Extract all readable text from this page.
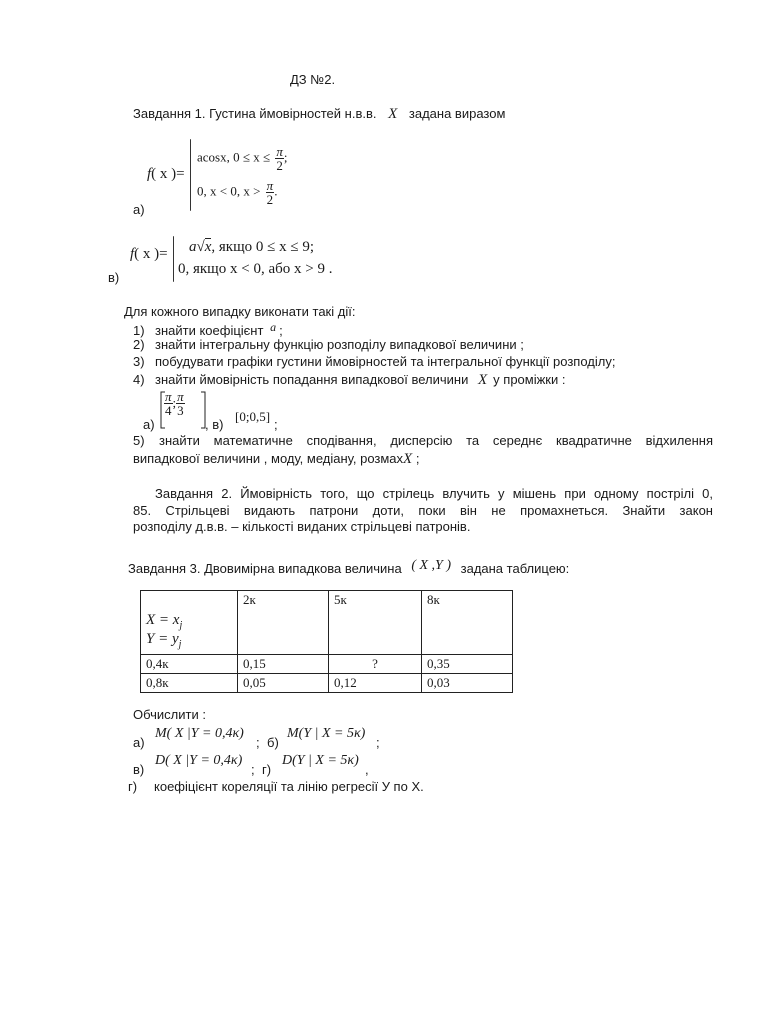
ДЗ №2.
Завдання 1. Густина ймовірностей н.в.в. X задана виразом
f( x )=
acosx, $0 \le x \le \frac{\pi}{2}$ ;
0, x < 0, $x > \frac{\pi}{2}$ .
а)
f( x )= a√x, якщо 0 ≤ x ≤ 9;
0, якщо x < 0, або x > 9 .
в)
Для кожного випадку виконати такі дії:
1) знайти коефіцієнт a ;
2) знайти інтегральну функцію розподілу випадкової величини ;
3) побудувати графіки густини ймовірностей та інтегральної функції розподілу;
4) знайти ймовірність попадання випадкової величини X у проміжки :
а)
$\frac{\pi}{4}$ ; $\frac{\pi}{3}$
, в)
[0;0,5]
;
5) знайти математичне сподівання, дисперсію та середнє квадратичне відхилення
випадкової величини , моду, медіану, розмахX ;
Завдання 2. Ймовірність того, що стрілець влучить у мішень при одному пострілі 0,
85. Стрільцеві видають патрони доти, поки він не промахнеться. Знайти закон
розподілу д.в.в. – кількості виданих стрільцеві патронів.
Завдання 3. Двовимірна випадкова величина ( X ,Y ) задана таблицею:
$X = x_j$
$Y = y_j$	2к	5к	8к
0,4к	0,15	?	0,35
0,8к	0,05	0,12	0,03
Обчислити :
а)
M( X |Y = 0,4κ)
; б)
M(Y | X = 5κ)
;
в)
D( X |Y = 0,4κ)
; г)
D(Y | X = 5κ)
,
г) коефіцієнт кореляції та лінію регресії У по Х.
